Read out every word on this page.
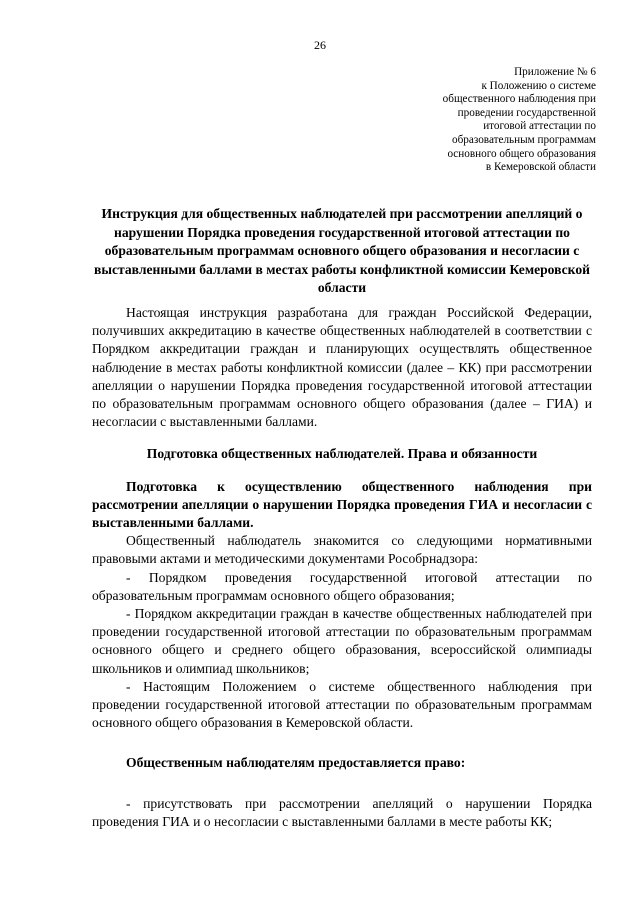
26
Приложение № 6
к Положению о системе
общественного наблюдения при
проведении государственной
итоговой аттестации по
образовательным программам
основного общего образования
в Кемеровской области
Инструкция для общественных наблюдателей при рассмотрении апелляций о нарушении Порядка проведения государственной итоговой аттестации по образовательным программам основного общего образования и несогласии с выставленными баллами в местах работы конфликтной комиссии Кемеровской области

Настоящая инструкция разработана для граждан Российской Федерации, получивших аккредитацию в качестве общественных наблюдателей в соответствии с Порядком аккредитации граждан и планирующих осуществлять общественное наблюдение в местах работы конфликтной комиссии (далее – КК) при рассмотрении апелляции о нарушении Порядка проведения государственной итоговой аттестации по образовательным программам основного общего образования (далее – ГИА) и несогласии с выставленными баллами.

Подготовка общественных наблюдателей. Права и обязанности

Подготовка к осуществлению общественного наблюдения при рассмотрении апелляции о нарушении Порядка проведения ГИА и несогласии с выставленными баллами.

Общественный наблюдатель знакомится со следующими нормативными правовыми актами и методическими документами Рособрнадзора:

- Порядком проведения государственной итоговой аттестации по образовательным программам основного общего образования;

- Порядком аккредитации граждан в качестве общественных наблюдателей при проведении государственной итоговой аттестации по образовательным программам основного общего и среднего общего образования, всероссийской олимпиады школьников и олимпиад школьников;

- Настоящим Положением о системе общественного наблюдения при проведении государственной итоговой аттестации по образовательным программам основного общего образования в Кемеровской области.

Общественным наблюдателям предоставляется право:

- присутствовать при рассмотрении апелляций о нарушении Порядка проведения ГИА и о несогласии с выставленными баллами в месте работы КК;
